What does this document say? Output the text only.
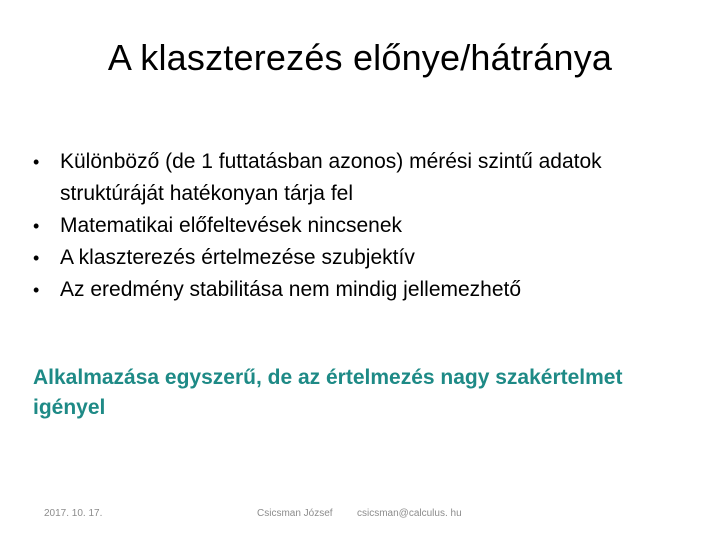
A klaszterezés előnye/hátránya
• Különböző (de 1 futtatásban azonos) mérési szintű adatok struktúráját hatékonyan tárja fel
• Matematikai előfeltevések nincsenek
• A klaszterezés értelmezése szubjektív
• Az eredmény stabilitása nem mindig jellemezhető

Alkalmazása egyszerű, de az értelmezés nagy szakértelmet igényel

2017. 10. 17.	Csicsman József csicsman@calculus. hu
